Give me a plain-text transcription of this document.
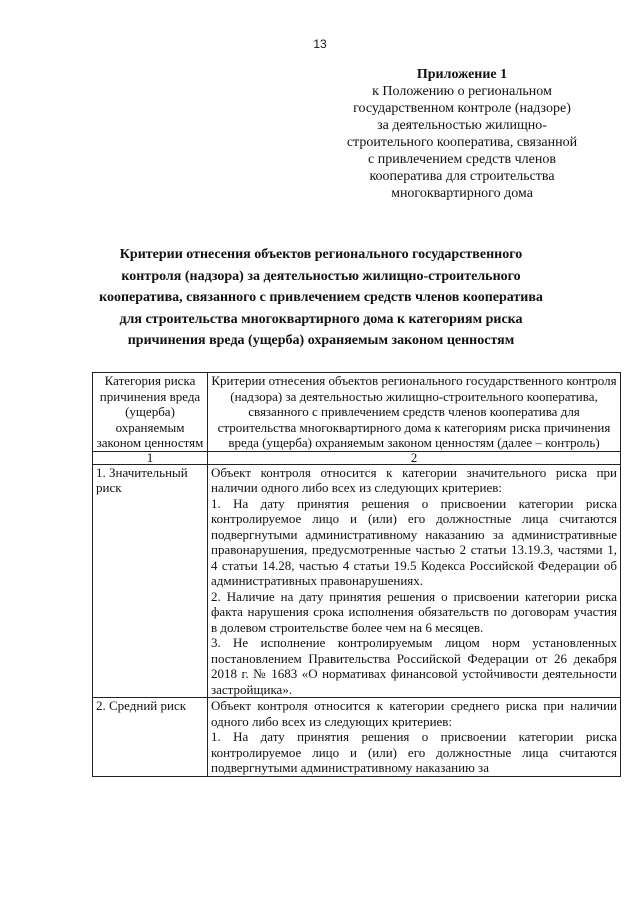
13
Приложение 1
к Положению о региональном
государственном контроле (надзоре)
за деятельностью жилищно-
строительного кооператива, связанной
с привлечением средств членов
кооператива для строительства
многоквартирного дома
Критерии отнесения объектов регионального государственного
контроля (надзора) за деятельностью жилищно-строительного
кооператива, связанного с привлечением средств членов кооператива
для строительства многоквартирного дома к категориям риска
причинения вреда (ущерба) охраняемым законом ценностям
Категория риска причинения вреда (ущерба) охраняемым законом ценностям	Критерии отнесения объектов регионального государственного контроля (надзора) за деятельностью жилищно-строительного кооператива, связанного с привлечением средств членов кооператива для строительства многоквартирного дома к категориям риска причинения вреда (ущерба) охраняемым законом ценностям (далее – контроль)
1	2
1. Значительный риск	Объект контроля относится к категории значительного риска при наличии одного либо всех из следующих критериев:
1. На дату принятия решения о присвоении категории риска контролируемое лицо и (или) его должностные лица считаются подвергнутыми административному наказанию за административные правонарушения, предусмотренные частью 2 статьи 13.19.3, частями 1, 4 статьи 14.28, частью 4 статьи 19.5 Кодекса Российской Федерации об административных правонарушениях.
2. Наличие на дату принятия решения о присвоении категории риска факта нарушения срока исполнения обязательств по договорам участия в долевом строительстве более чем на 6 месяцев.
3. Не исполнение контролируемым лицом норм установленных постановлением Правительства Российской Федерации от 26 декабря 2018 г. № 1683 «О нормативах финансовой устойчивости деятельности застройщика».

2. Средний риск	Объект контроля относится к категории среднего риска при наличии одного либо всех из следующих критериев:
1. На дату принятия решения о присвоении категории риска контролируемое лицо и (или) его должностные лица считаются подвергнутыми административному наказанию за
